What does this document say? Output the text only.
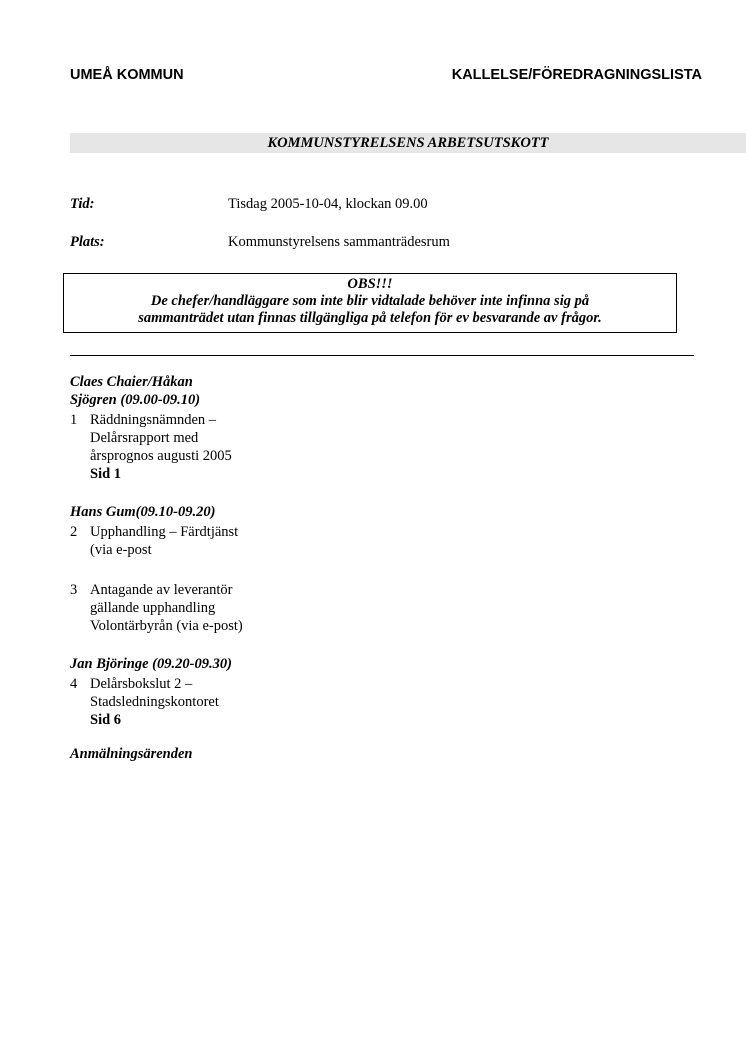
UMEÅ KOMMUN	KALLELSE/FÖREDRAGNINGSLISTA
KOMMUNSTYRELSENS ARBETSUTSKOTT
Tid:	Tisdag 2005-10-04, klockan 09.00
Plats:	Kommunstyrelsens sammanträdesrum
OBS!!!
De chefer/handläggare som inte blir vidtalade behöver inte infinna sig på
sammanträdet utan finnas tillgängliga på telefon för ev besvarande av frågor.
Claes Chaier/Håkan
Sjögren (09.00-09.10)
1 Räddningsnämnden –
Delårsrapport med
årsprognos augusti 2005
Sid 1
Hans Gum(09.10-09.20)
2 Upphandling – Färdtjänst
(via e-post
3 Antagande av leverantör
gällande upphandling
Volontärbyrån (via e-post)
Jan Björinge (09.20-09.30)
4 Delårsbokslut 2 –
Stadsledningskontoret
Sid 6
Anmälningsärenden
